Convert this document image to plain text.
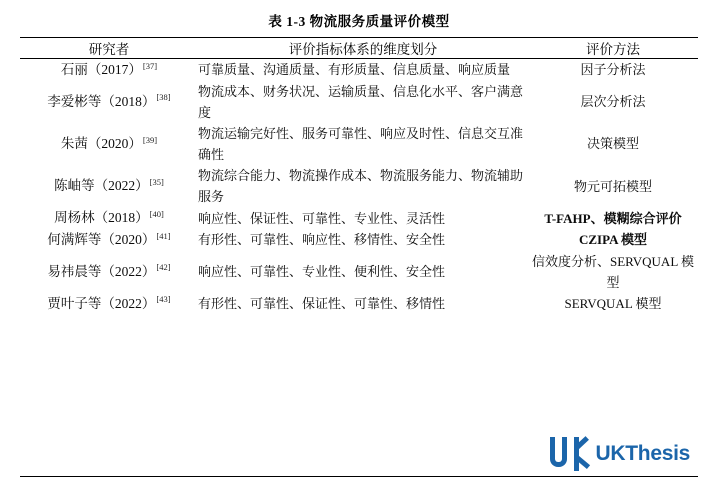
表 1-3 物流服务质量评价模型
研究者	评价指标体系的维度划分	评价方法
石丽（2017）[37]	可靠质量、沟通质量、有形质量、信息质量、响应质量	因子分析法
李爱彬等（2018）[38]	物流成本、财务状况、运输质量、信息化水平、客户满意度	层次分析法
朱茜（2020）[39]	物流运输完好性、服务可靠性、响应及时性、信息交互准确性	决策模型
陈岫等（2022）[35]	物流综合能力、物流操作成本、物流服务能力、物流辅助服务	物元可拓模型
周杨林（2018）[40]	响应性、保证性、可靠性、专业性、灵活性	T-FAHP、模糊综合评价
何满辉等（2020）[41]	有形性、可靠性、响应性、移情性、安全性	CZIPA 模型
易祎晨等（2022）[42]	响应性、可靠性、专业性、便利性、安全性	信效度分析、SERVQUAL 模型
贾叶子等（2022）[43]	有形性、可靠性、保证性、可靠性、移情性	SERVQUAL 模型
UKThesis
